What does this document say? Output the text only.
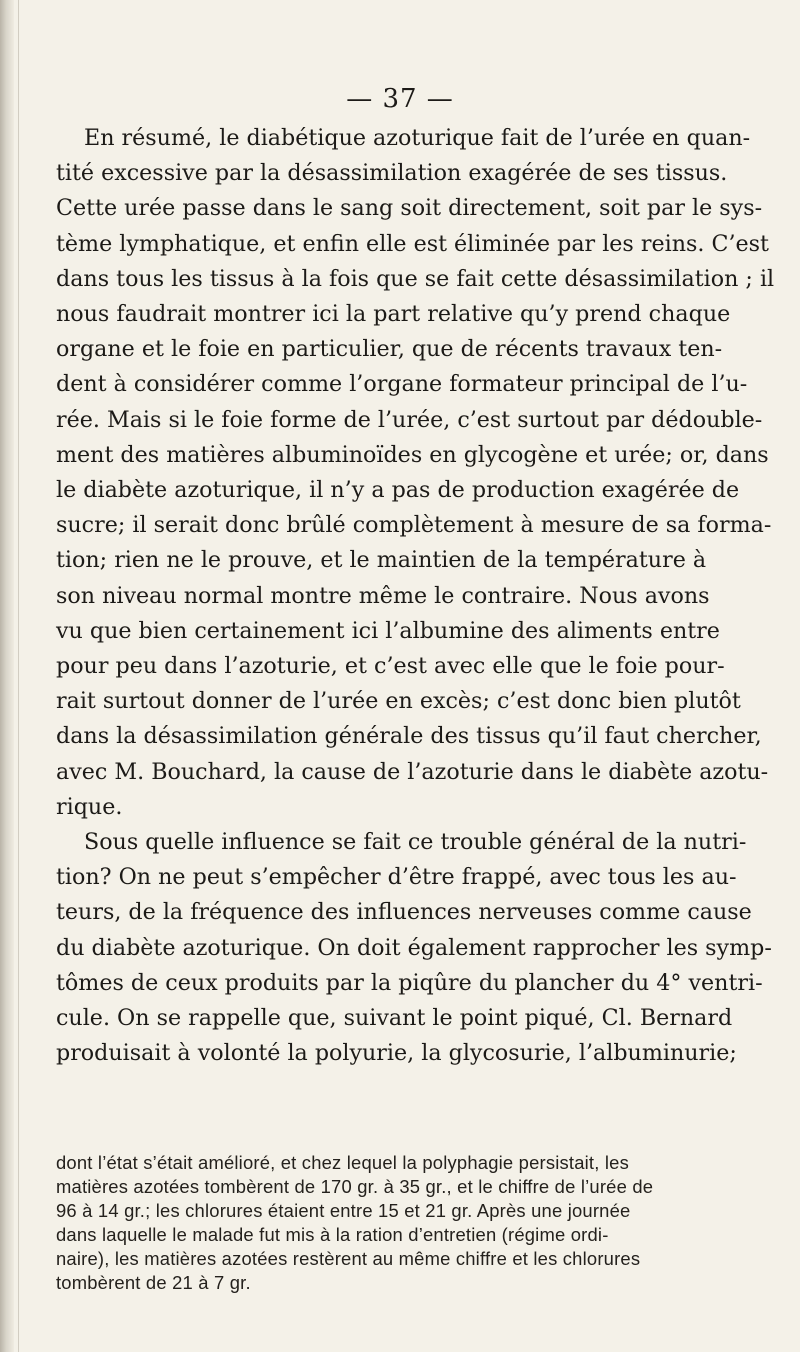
— 37 —
En résumé, le diabétique azoturique fait de l’urée en quan-
tité excessive par la désassimilation exagérée de ses tissus.
Cette urée passe dans le sang soit directement, soit par le sys-
tème lymphatique, et enfin elle est éliminée par les reins. C’est
dans tous les tissus à la fois que se fait cette désassimilation ; il
nous faudrait montrer ici la part relative qu’y prend chaque
organe et le foie en particulier, que de récents travaux ten-
dent à considérer comme l’organe formateur principal de l’u-
rée. Mais si le foie forme de l’urée, c’est surtout par dédouble-
ment des matières albuminoïdes en glycogène et urée; or, dans
le diabète azoturique, il n’y a pas de production exagérée de
sucre; il serait donc brûlé complètement à mesure de sa forma-
tion; rien ne le prouve, et le maintien de la température à
son niveau normal montre même le contraire. Nous avons
vu que bien certainement ici l’albumine des aliments entre
pour peu dans l’azoturie, et c’est avec elle que le foie pour-
rait surtout donner de l’urée en excès; c’est donc bien plutôt
dans la désassimilation générale des tissus qu’il faut chercher,
avec M. Bouchard, la cause de l’azoturie dans le diabète azotu-
rique.
Sous quelle influence se fait ce trouble général de la nutri-
tion? On ne peut s’empêcher d’être frappé, avec tous les au-
teurs, de la fréquence des influences nerveuses comme cause
du diabète azoturique. On doit également rapprocher les symp-
tômes de ceux produits par la piqûre du plancher du 4° ventri-
cule. On se rappelle que, suivant le point piqué, Cl. Bernard
produisait à volonté la polyurie, la glycosurie, l’albuminurie;
dont l’état s’était amélioré, et chez lequel la polyphagie persistait, les
matières azotées tombèrent de 170 gr. à 35 gr., et le chiffre de l’urée de
96 à 14 gr.; les chlorures étaient entre 15 et 21 gr. Après une journée
dans laquelle le malade fut mis à la ration d’entretien (régime ordi-
naire), les matières azotées restèrent au même chiffre et les chlorures
tombèrent de 21 à 7 gr.
